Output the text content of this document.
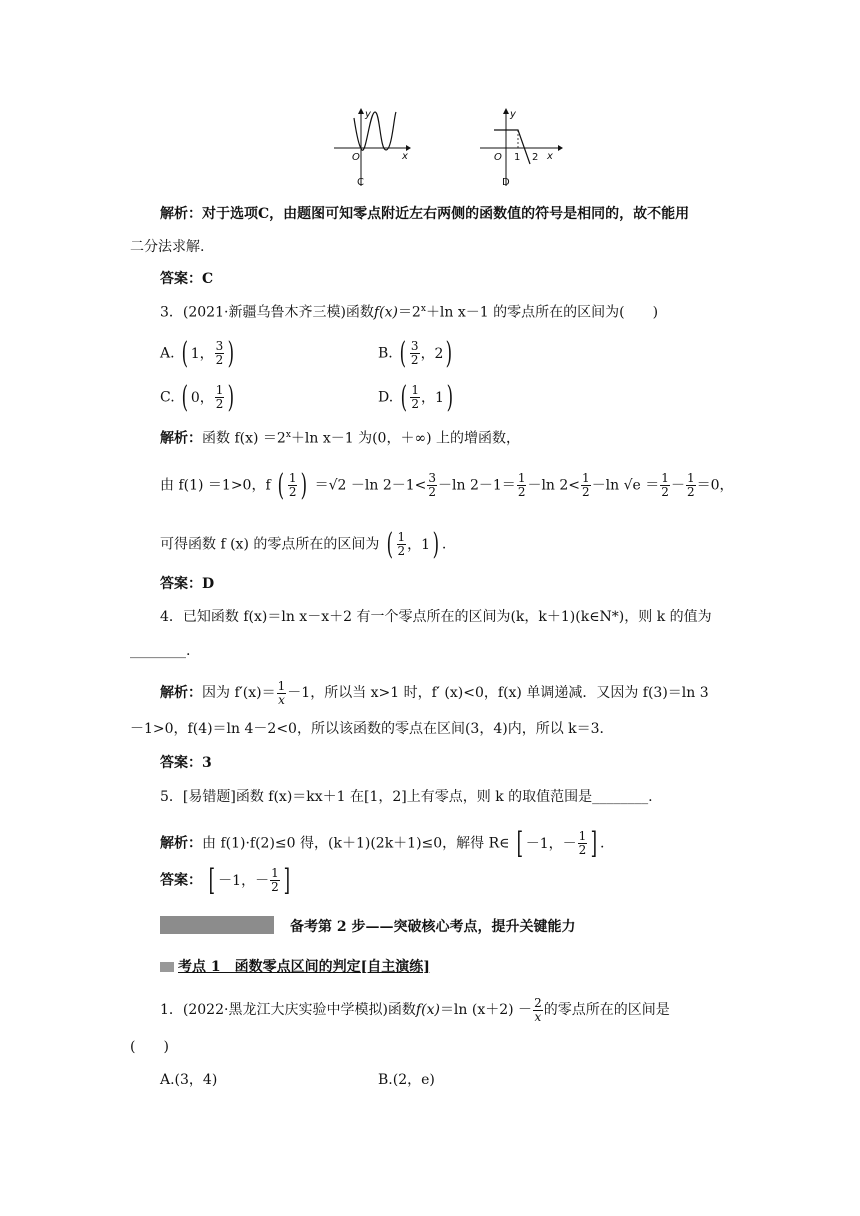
y
x
O
C
y
x
O 1 2
D
解析：对于选项C，由题图可知零点附近左右两侧的函数值的符号是相同的，故不能用
二分法求解.
答案：C
3．(2021·新疆乌鲁木齐三模)函数$f(x)=2^x+\ln$ x－1 的零点所在的区间为(　　)
A. ( 1， $\frac{3}{2}$ )	B. ( $\frac{3}{2}$ ，2 )
C. ( 0， $\frac{1}{2}$ )	D. ( $\frac{1}{2}$ ，1 )
解析：函数 $f(x) =2^x+\ln$ x－1 为(0，＋∞) 上的增函数，
由 f(1) ＝1>0，f ( $\frac{1}{2}$ ) ＝√2 －ln $2-1< \frac{3}{2} -\ln$ $2-1= \frac{1}{2} -\ln$ $2< \frac{1}{2} -\ln$ $√e = \frac{1}{2} - \frac{1}{2} =0$，
可得函数 f (x) 的零点所在的区间为 ( $\frac{1}{2}$ ，1 ) .
答案：D
4．已知函数 f(x)＝ln x－x＋2 有一个零点所在的区间为(k，k＋1)(k∈N*)，则 k 的值为
________.
解析：因为 $f'(x)= \frac{1}{x} -1$，所以当 x>1 时，f′ (x)<0，f(x) 单调递减．又因为 f(3)＝ln 3
－1>0，f(4)＝ln 4－2<0，所以该函数的零点在区间(3，4)内，所以 k＝3．
答案：3
5．[易错题]函数 f(x)＝kx＋1 在[1，2]上有零点，则 k 的取值范围是________.
解析：由 f(1)·f(2)≤0 得，(k＋1)(2k＋1)≤0，解得 R∈ [ －1，－ $\frac{1}{2}$ ] .
答案： [ －1，－ $\frac{1}{2}$ ]
备考第 2 步——突破核心考点，提升关键能力
考点 1　函数零点区间的判定[自主演练]
1．(2022·黑龙江大庆实验中学模拟)函数f(x)＝ln $(x+2) - \frac{2}{x}$ 的零点所在的区间是
(　　)
A.(3，4)	B.(2，e)
